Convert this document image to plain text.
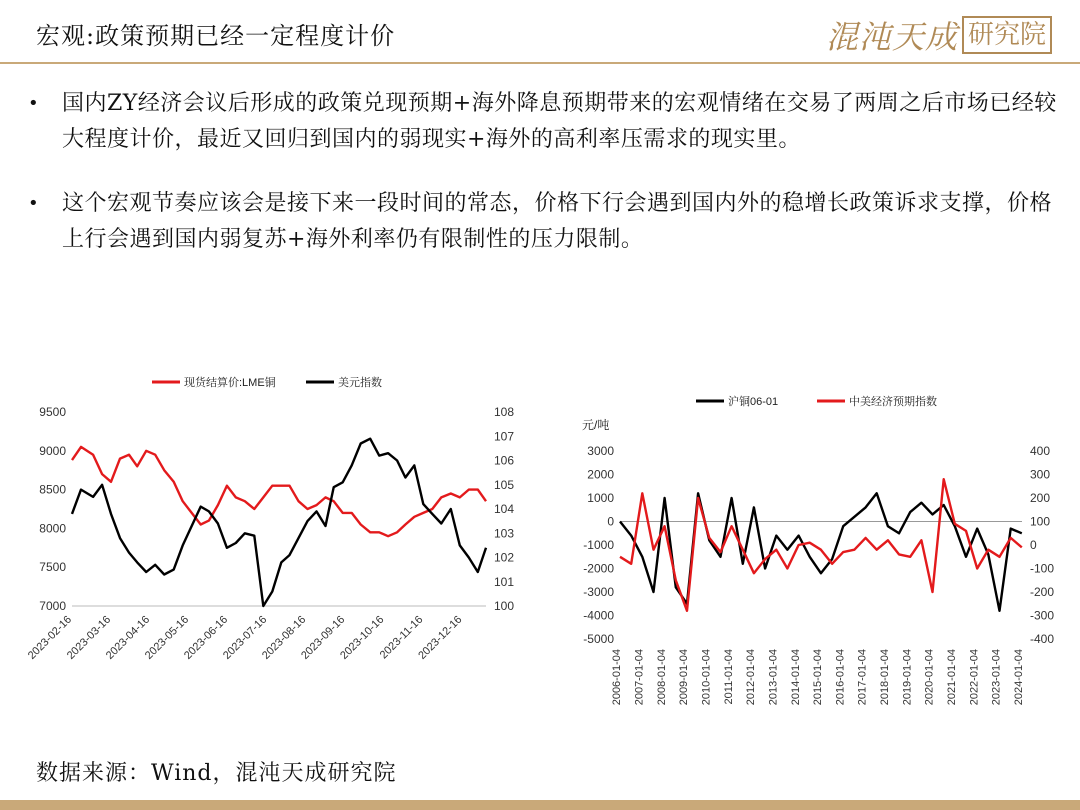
宏观:政策预期已经一定程度计价	混沌天成 研究院
•	国内ZY经济会议后形成的政策兑现预期+海外降息预期带来的宏观情绪在交易了两周之后市场已经较大程度计价，最近又回归到国内的弱现实+海外的高利率压需求的现实里。
•	这个宏观节奏应该会是接下来一段时间的常态，价格下行会遇到国内外的稳增长政策诉求支撑，价格上行会遇到国内弱复苏+海外利率仍有限制性的压力限制。
现货结算价:LME铜	美元指数
7000
7500
8000
8500
9000
9500
100
101
102
103
104
105
106
107
108
2023-02-16
2023-03-16
2023-04-16
2023-05-16
2023-06-16
2023-07-16
2023-08-16
2023-09-16
2023-10-16
2023-11-16
2023-12-16
沪铜06-01	中美经济预期指数
元/吨
-5000
-4000
-3000
-2000
-1000
0
1000
2000
3000
-400
-300
-200
-100
0
100
200
300
400
2006-01-04 2007-01-04 2008-01-04 2009-01-04 2010-01-04 2011-01-04 2012-01-04 2013-01-04 2014-01-04 2015-01-04 2016-01-04 2017-01-04 2018-01-04 2019-01-04 2020-01-04 2021-01-04 2022-01-04 2023-01-04 2024-01-04
数据来源：Wind，混沌天成研究院
